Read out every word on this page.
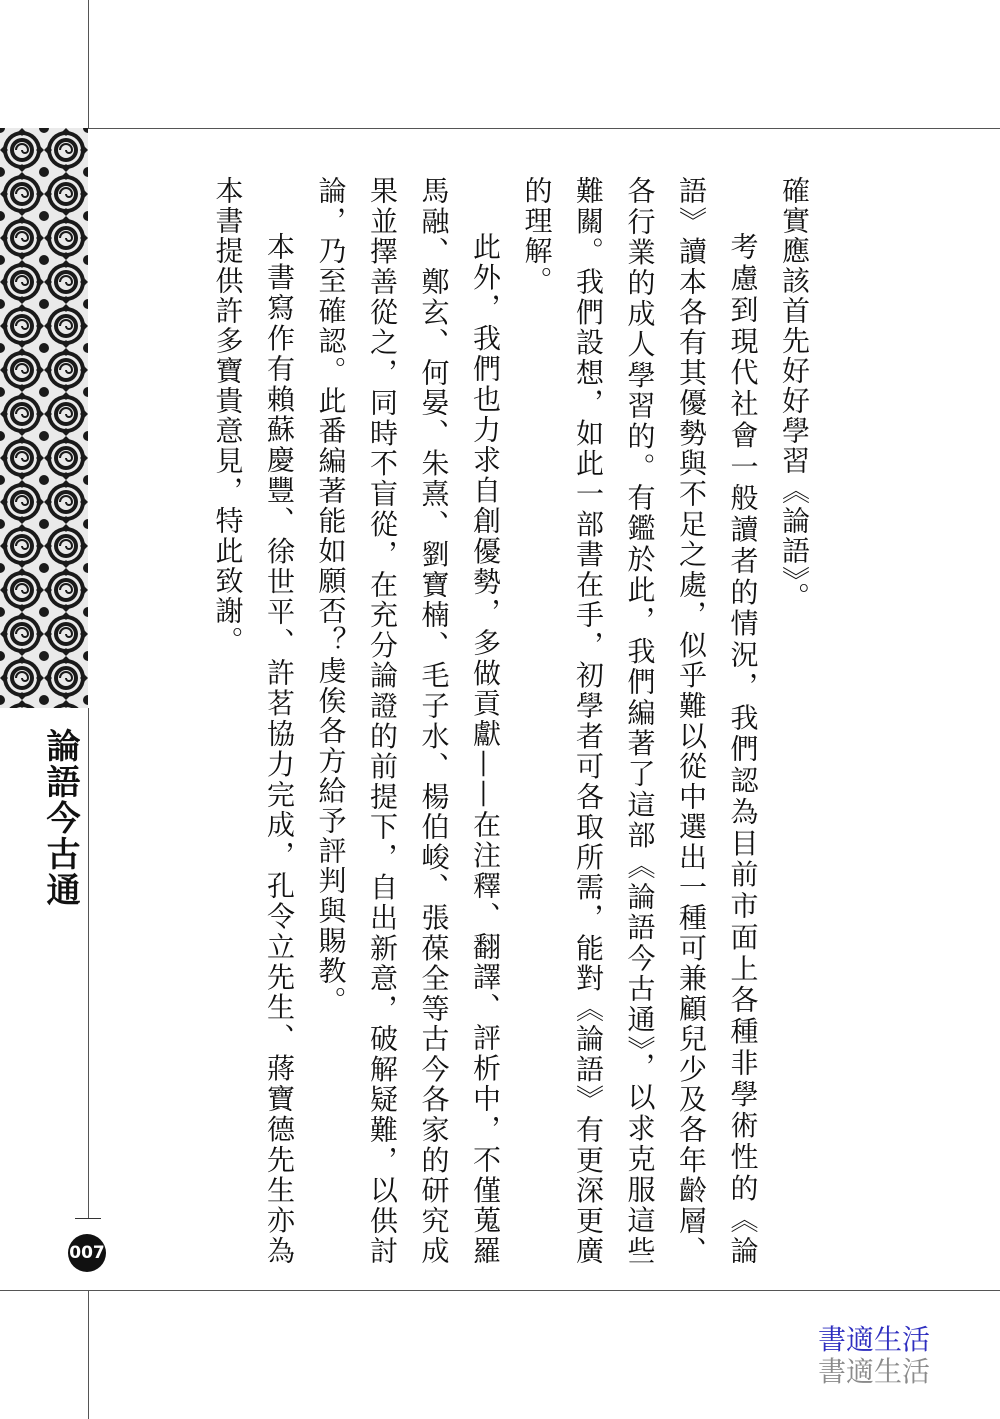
論語今古通
007

確實應該首先好好學習《論語》。

考慮到現代社會一般讀者的情況，我們認為目前市面上各種非學術性的《論語》讀本各有其優勢與不足之處，似乎難以從中選出一種可兼顧兒少及各年齡層、各行業的成人學習的。有鑑於此，我們編著了這部《論語今古通》，以求克服這些難關。我們設想，如此一部書在手，初學者可各取所需，能對《論語》有更深更廣的理解。

此外，我們也力求自創優勢，多做貢獻——在注釋、翻譯、評析中，不僅蒐羅馬融、鄭玄、何晏、朱熹、劉寶楠、毛子水、楊伯峻、張葆全等古今各家的研究成果並擇善從之，同時不盲從，在充分論證的前提下，自出新意，破解疑難，以供討論，乃至確認。此番編著能如願否？虔俟各方給予評判與賜教。

本書寫作有賴蘇慶豐、徐世平、許茗協力完成，孔令立先生、蔣寶德先生亦為本書提供許多寶貴意見，特此致謝。

書適生活
書適生活
